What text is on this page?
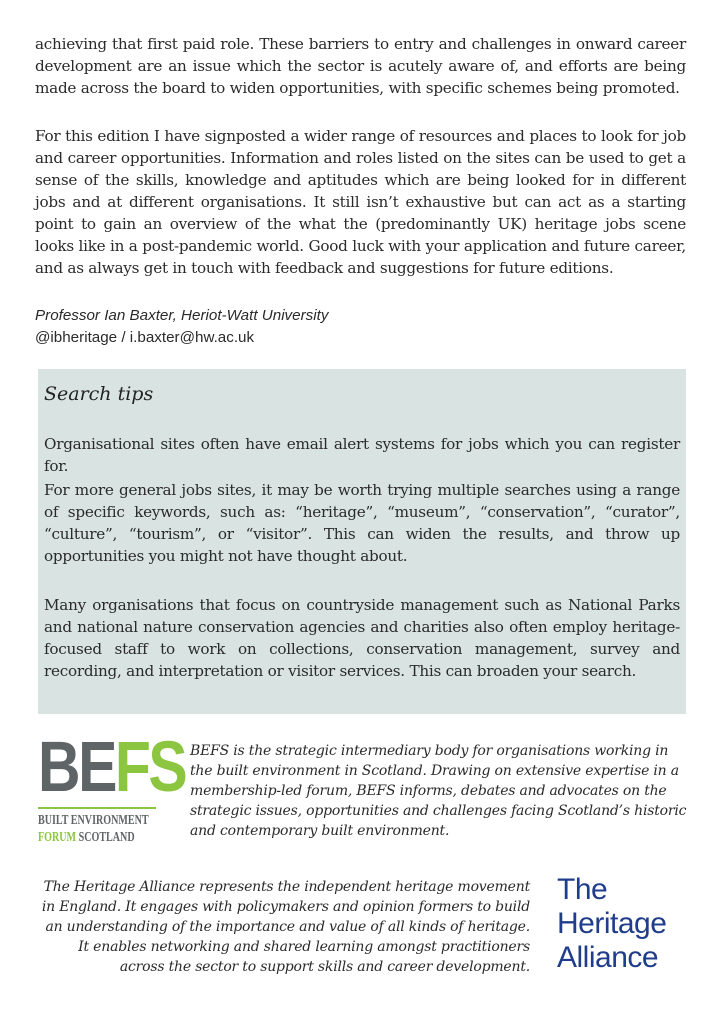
achieving that first paid role. These barriers to entry and challenges in onward career development are an issue which the sector is acutely aware of, and efforts are being made across the board to widen opportunities, with specific schemes being promoted.

For this edition I have signposted a wider range of resources and places to look for job and career opportunities. Information and roles listed on the sites can be used to get a sense of the skills, knowledge and aptitudes which are being looked for in different jobs and at different organisations. It still isn’t exhaustive but can act as a starting point to gain an overview of the what the (predominantly UK) heritage jobs scene looks like in a post-pandemic world. Good luck with your application and future career, and as always get in touch with feedback and suggestions for future editions.

Professor Ian Baxter, Heriot-Watt University
@ibheritage / i.baxter@hw.ac.uk
Search tips

Organisational sites often have email alert systems for jobs which you can register for.

For more general jobs sites, it may be worth trying multiple searches using a range of specific keywords, such as: “heritage”, “museum”, “conservation”, “curator”, “culture”, “tourism”, or “visitor”. This can widen the results, and throw up opportunities you might not have thought about.

Many organisations that focus on countryside management such as National Parks and national nature conservation agencies and charities also often employ heritage-focused staff to work on collections, conservation management, survey and recording, and interpretation or visitor services. This can broaden your search.

BEFS
BUILT ENVIRONMENT
FORUM SCOTLAND

BEFS is the strategic intermediary body for organisations working in the built environment in Scotland. Drawing on extensive expertise in a membership-led forum, BEFS informs, debates and advocates on the strategic issues, opportunities and challenges facing Scotland’s historic and contemporary built environment.

The Heritage Alliance represents the independent heritage movement in England. It engages with policymakers and opinion formers to build an understanding of the importance and value of all kinds of heritage. It enables networking and shared learning amongst practitioners across the sector to support skills and career development.

The
Heritage
Alliance
